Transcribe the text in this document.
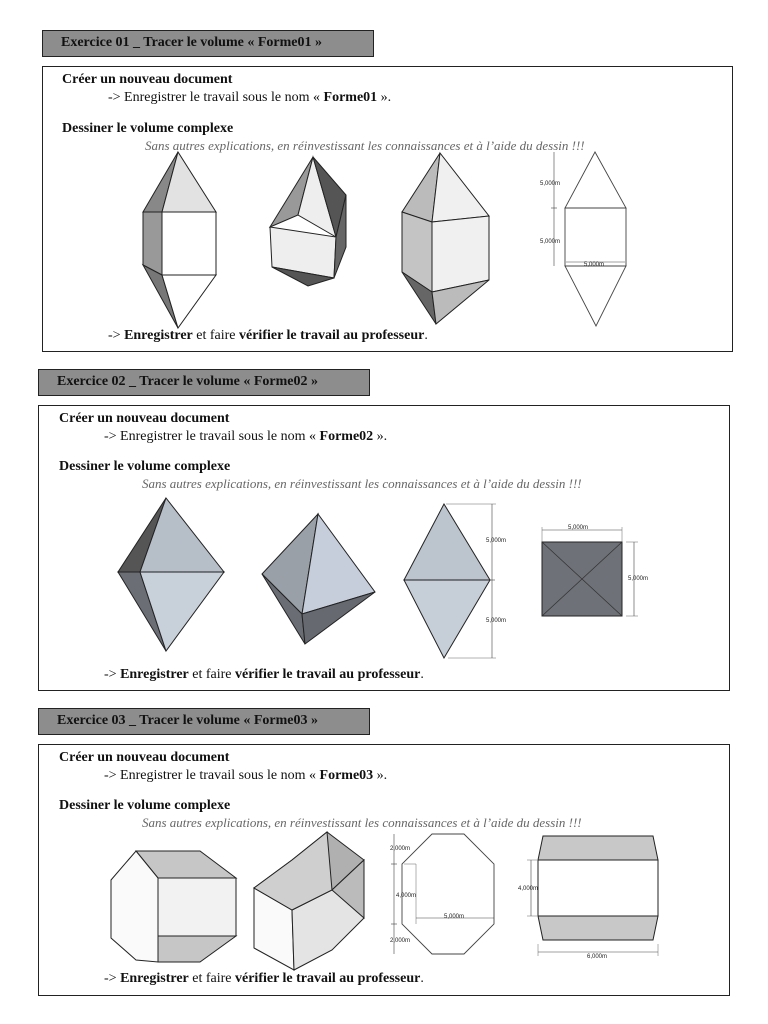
Exercice 01 _ Tracer le volume « Forme01 »
Créer un nouveau document
-> Enregistrer le travail sous le nom « Forme01 ».
Dessiner le volume complexe
Sans autres explications, en réinvestissant les connaissances et à l’aide du dessin !!!
5,000m
5,000m
5,000m
-> Enregistrer et faire vérifier le travail au professeur.
Exercice 02 _ Tracer le volume « Forme02 »
Créer un nouveau document
-> Enregistrer le travail sous le nom « Forme02 ».
Dessiner le volume complexe
Sans autres explications, en réinvestissant les connaissances et à l’aide du dessin !!!
5,000m
5,000m
5,000m
5,000m
-> Enregistrer et faire vérifier le travail au professeur.
Exercice 03 _ Tracer le volume « Forme03 »
Créer un nouveau document
-> Enregistrer le travail sous le nom « Forme03 ».
Dessiner le volume complexe
Sans autres explications, en réinvestissant les connaissances et à l’aide du dessin !!!
2,000m
4,000m
2,000m
5,000m
4,000m
6,000m
-> Enregistrer et faire vérifier le travail au professeur.
